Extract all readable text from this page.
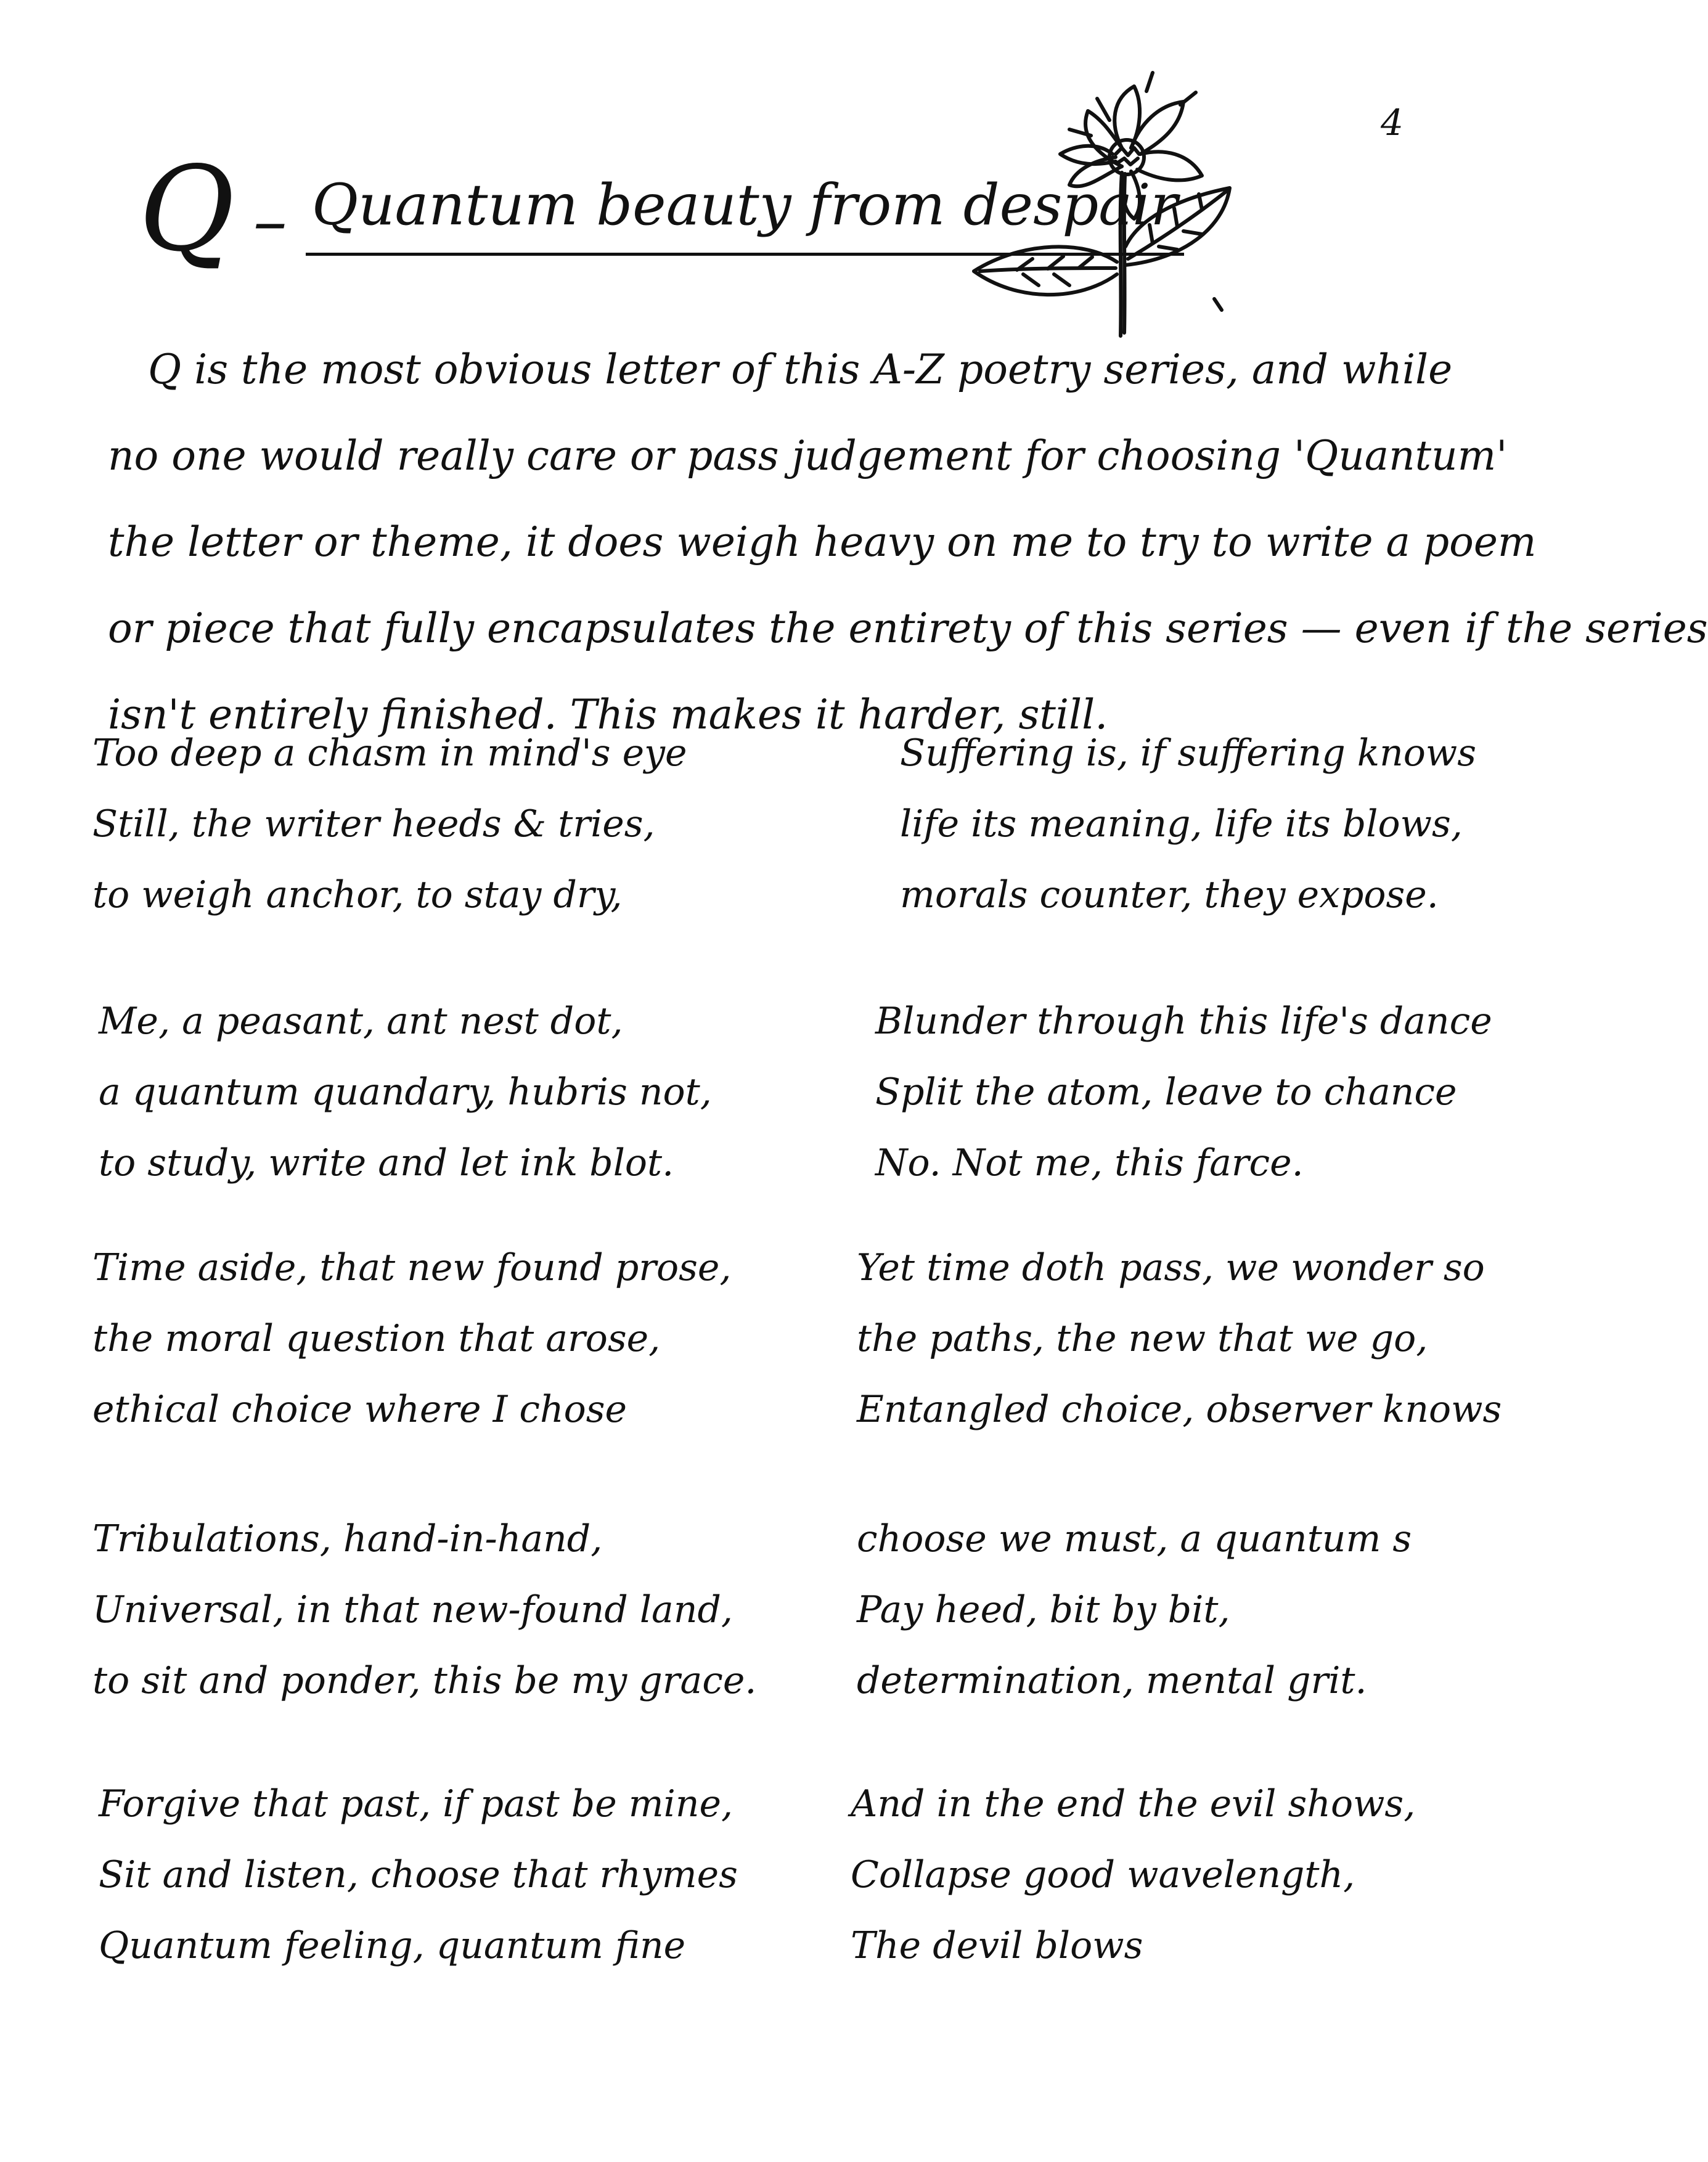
4
Q – Quantum beauty from despair
Q is the most obvious letter of this A-Z poetry series, and while
no one would really care or pass judgement for choosing 'Quantum'
the letter or theme, it does weigh heavy on me to try to write a poem
or piece that fully encapsulates the entirety of this series — even if the series
isn't entirely finished. This makes it harder, still.
Too deep a chasm in mind's eye
Still, the writer heeds & tries,
to weigh anchor, to stay dry,
Me, a peasant, ant nest dot,
a quantum quandary, hubris not,
to study, write and let ink blot.
Time aside, that new found prose,
the moral question that arose,
ethical choice where I chose
Tribulations, hand-in-hand,
Universal, in that new-found land,
to sit and ponder, this be my grace.
Forgive that past, if past be mine,
Sit and listen, choose that rhymes
Quantum feeling, quantum fine
Suffering is, if suffering knows
life its meaning, life its blows,
morals counter, they expose.
Blunder through this life's dance
Split the atom, leave to chance
No. Not me, this farce.
Yet time doth pass, we wonder so
the paths, the new that we go,
Entangled choice, observer knows
choose we must, a quantum s
Pay heed, bit by bit,
determination, mental grit.
And in the end the evil shows,
Collapse good wavelength,
The devil blows
